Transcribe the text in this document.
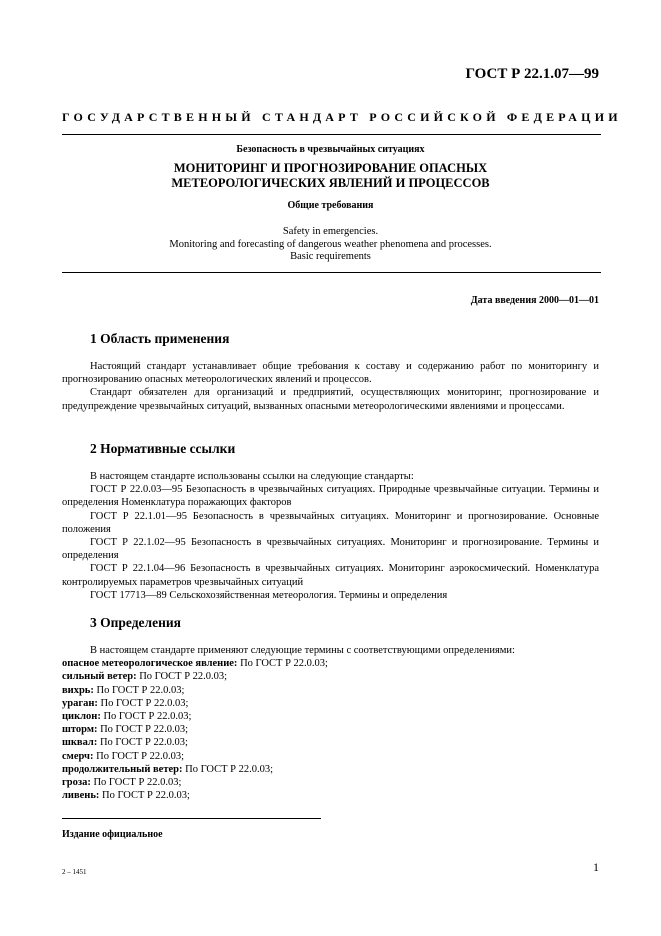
ГОСТ Р 22.1.07—99
ГОСУДАРСТВЕННЫЙ СТАНДАРТ РОССИЙСКОЙ ФЕДЕРАЦИИ
Безопасность в чрезвычайных ситуациях
МОНИТОРИНГ И ПРОГНОЗИРОВАНИЕ ОПАСНЫХ
МЕТЕОРОЛОГИЧЕСКИХ ЯВЛЕНИЙ И ПРОЦЕССОВ
Общие требования
Safety in emergencies.
Monitoring and forecasting of dangerous weather phenomena and processes.
Basic requirements
Дата введения 2000—01—01
1 Область применения

Настоящий стандарт устанавливает общие требования к составу и содержанию работ по мониторингу и прогнозированию опасных метеорологических явлений и процессов.

Стандарт обязателен для организаций и предприятий, осуществляющих мониторинг, прогнозирование и предупреждение чрезвычайных ситуаций, вызванных опасными метеорологическими явлениями и процессами.

2 Нормативные ссылки

В настоящем стандарте использованы ссылки на следующие стандарты:

ГОСТ Р 22.0.03—95 Безопасность в чрезвычайных ситуациях. Природные чрезвычайные ситуации. Термины и определения Номенклатура поражающих факторов

ГОСТ Р 22.1.01—95 Безопасность в чрезвычайных ситуациях. Мониторинг и прогнозирование. Основные положения

ГОСТ Р 22.1.02—95 Безопасность в чрезвычайных ситуациях. Мониторинг и прогнозирование. Термины и определения

ГОСТ Р 22.1.04—96 Безопасность в чрезвычайных ситуациях. Мониторинг аэрокосмический. Номенклатура контролируемых параметров чрезвычайных ситуаций

ГОСТ 17713—89 Сельскохозяйственная метеорология. Термины и определения

3 Определения

В настоящем стандарте применяют следующие термины с соответствующими определениями:

опасное метеорологическое явление: По ГОСТ Р 22.0.03;

сильный ветер: По ГОСТ Р 22.0.03;

вихрь: По ГОСТ Р 22.0.03;

ураган: По ГОСТ Р 22.0.03;

циклон: По ГОСТ Р 22.0.03;

шторм: По ГОСТ Р 22.0.03;

шквал: По ГОСТ Р 22.0.03;

смерч: По ГОСТ Р 22.0.03;

продолжительный ветер: По ГОСТ Р 22.0.03;

гроза: По ГОСТ Р 22.0.03;

ливень: По ГОСТ Р 22.0.03;

Издание официальное
2 – 1451	1
